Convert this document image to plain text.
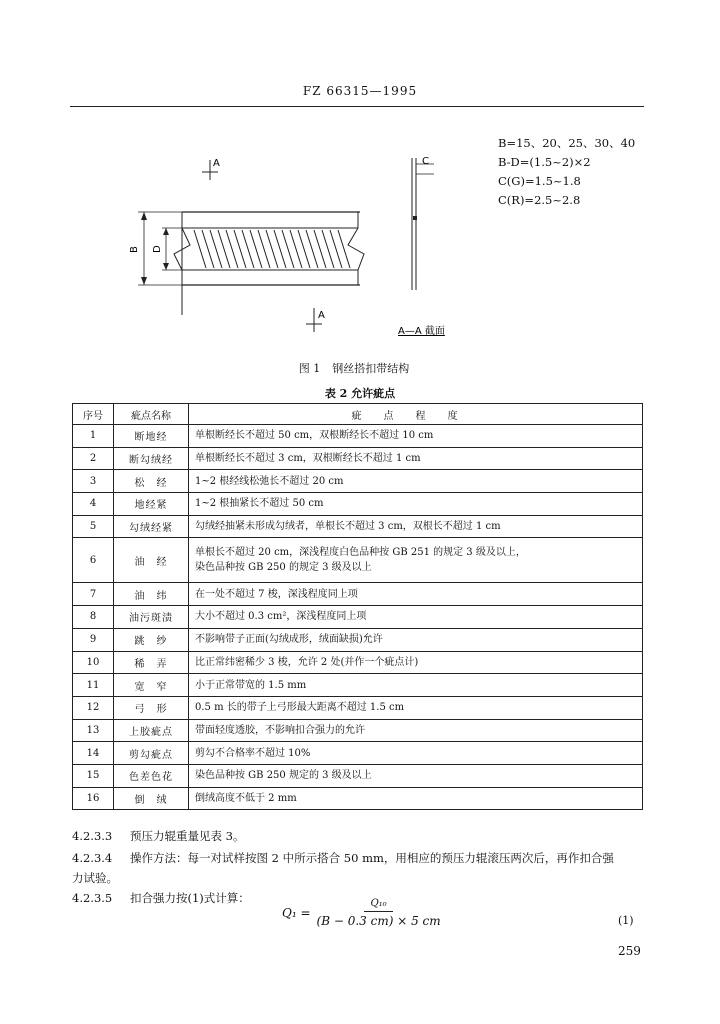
FZ 66315—1995
A
B D
A
C
A—A 截面
B=15、20、25、30、40
B-D=(1.5~2)×2
C(G)=1.5~1.8
C(R)=2.5~2.8
图 1 钢丝搭扣带结构
表 2 允许疵点
序号	疵点名称	疵点程度
1	断地经	单根断经长不超过 50 cm，双根断经长不超过 10 cm
2	断勾绒经	单根断经长不超过 3 cm，双根断经长不超过 1 cm
3	松　经	1~2 根经线松弛长不超过 20 cm
4	地经紧	1~2 根抽紧长不超过 50 cm
5	勾绒经紧	勾绒经抽紧未形成勾绒者，单根长不超过 3 cm，双根长不超过 1 cm
6	油　经	单根长不超过 20 cm，深浅程度白色品种按 GB 251 的规定 3 级及以上，
染色品种按 GB 250 的规定 3 级及以上

7	油　纬	在一处不超过 7 梭，深浅程度同上项
8	油污斑渍	大小不超过 0.3 cm²，深浅程度同上项
9	跳　纱	不影响带子正面(勾绒成形，绒面缺损)允许
10	稀　弄	比正常纬密稀少 3 梭，允许 2 处(并作一个疵点计)
11	宽　窄	小于正常带宽的 1.5 mm
12	弓　形	0.5 m 长的带子上弓形最大距离不超过 1.5 cm
13	上胶疵点	带面轻度透胶，不影响扣合强力的允许
14	剪勾疵点	剪勾不合格率不超过 10%
15	色差色花	染色品种按 GB 250 规定的 3 级及以上
16	倒　绒	倒绒高度不低于 2 mm
4.2.3.3 预压力辊重量见表 3。
4.2.3.4 操作方法：每一对试样按图 2 中所示搭合 50 mm，用相应的预压力辊滚压两次后，再作扣合强
力试验。
4.2.3.5 扣合强力按(1)式计算：
$Q_1 = \frac{\text{Q₁₀}}{(B - 0.3 cm) \times 5 cm}$	(1)
259
